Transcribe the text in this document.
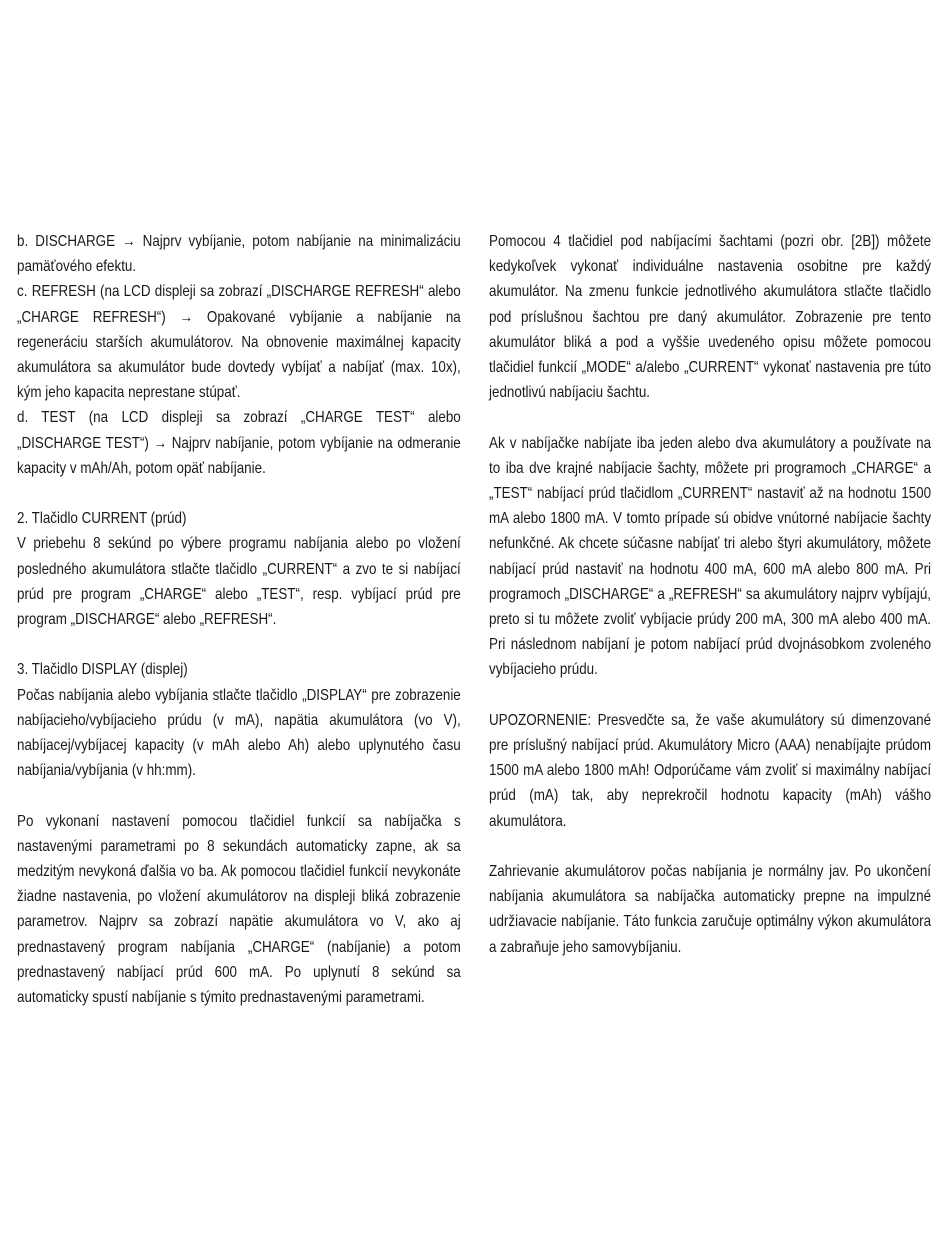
b. DISCHARGE → Najprv vybíjanie, potom nabíjanie na minimalizáciu pamäťového efektu.

c. REFRESH (na LCD displeji sa zobrazí „DISCHARGE REFRESH“ alebo „CHARGE REFRESH“) → Opakované vybíjanie a nabíjanie na regeneráciu starších akumulátorov. Na obnovenie maximálnej kapacity akumulátora sa akumulátor bude dovtedy vybíjať a nabíjať (max. 10x), kým jeho kapacita neprestane stúpať.

d. TEST (na LCD displeji sa zobrazí „CHARGE TEST“ alebo „DISCHARGE TEST“) → Najprv nabíjanie, potom vybíjanie na odmeranie kapacity v mAh/Ah, potom opäť nabíjanie.

2. Tlačidlo CURRENT (prúd)

V priebehu 8 sekúnd po výbere programu nabíjania alebo po vložení posledného akumulátora stlačte tlačidlo „CURRENT“ a zvo te si nabíjací prúd pre program „CHARGE“ alebo „TEST“, resp. vybíjací prúd pre program „DISCHARGE“ alebo „REFRESH“.

3. Tlačidlo DISPLAY (displej)

Počas nabíjania alebo vybíjania stlačte tlačidlo „DISPLAY“ pre zobrazenie nabíjacieho/vybíjacieho prúdu (v mA), napätia akumulátora (vo V), nabíjacej/vybíjacej kapacity (v mAh alebo Ah) alebo uplynutého času nabíjania/vybíjania (v hh:mm).

Po vykonaní nastavení pomocou tlačidiel funkcií sa nabíjačka s nastavenými parametrami po 8 sekundách automaticky zapne, ak sa medzitým nevykoná ďalšia vo ba. Ak pomocou tlačidiel funkcií nevykonáte žiadne nastavenia, po vložení akumulátorov na displeji bliká zobrazenie parametrov. Najprv sa zobrazí napätie akumulátora vo V, ako aj prednastavený program nabíjania „CHARGE“ (nabíjanie) a potom prednastavený nabíjací prúd 600 mA. Po uplynutí 8 sekúnd sa automaticky spustí nabíjanie s týmito prednastavenými parametrami.

Pomocou 4 tlačidiel pod nabíjacími šachtami (pozri obr. [2B]) môžete kedykoľvek vykonať individuálne nastavenia osobitne pre každý akumulátor. Na zmenu funkcie jednotlivého akumulátora stlačte tlačidlo pod príslušnou šachtou pre daný akumulátor. Zobrazenie pre tento akumulátor bliká a pod a vyššie uvedeného opisu môžete pomocou tlačidiel funkcií „MODE“ a/alebo „CURRENT“ vykonať nastavenia pre túto jednotlivú nabíjaciu šachtu.

Ak v nabíjačke nabíjate iba jeden alebo dva akumulátory a používate na to iba dve krajné nabíjacie šachty, môžete pri programoch „CHARGE“ a „TEST“ nabíjací prúd tlačidlom „CURRENT“ nastaviť až na hodnotu 1500 mA alebo 1800 mA. V tomto prípade sú obidve vnútorné nabíjacie šachty nefunkčné. Ak chcete súčasne nabíjať tri alebo štyri akumulátory, môžete nabíjací prúd nastaviť na hodnotu 400 mA, 600 mA alebo 800 mA. Pri programoch „DISCHARGE“ a „REFRESH“ sa akumulátory najprv vybíjajú, preto si tu môžete zvoliť vybíjacie prúdy 200 mA, 300 mA alebo 400 mA. Pri následnom nabíjaní je potom nabíjací prúd dvojnásobkom zvoleného vybíjacieho prúdu.

UPOZORNENIE: Presvedčte sa, že vaše akumulátory sú dimenzované pre príslušný nabíjací prúd. Akumulátory Micro (AAA) nenabíjajte prúdom 1500 mA alebo 1800 mAh! Odporúčame vám zvoliť si maximálny nabíjací prúd (mA) tak, aby neprekročil hodnotu kapacity (mAh) vášho akumulátora.

Zahrievanie akumulátorov počas nabíjania je normálny jav. Po ukončení nabíjania akumulátora sa nabíjačka automaticky prepne na impulzné udržiavacie nabíjanie. Táto funkcia zaručuje optimálny výkon akumulátora a zabraňuje jeho samovybíjaniu.
